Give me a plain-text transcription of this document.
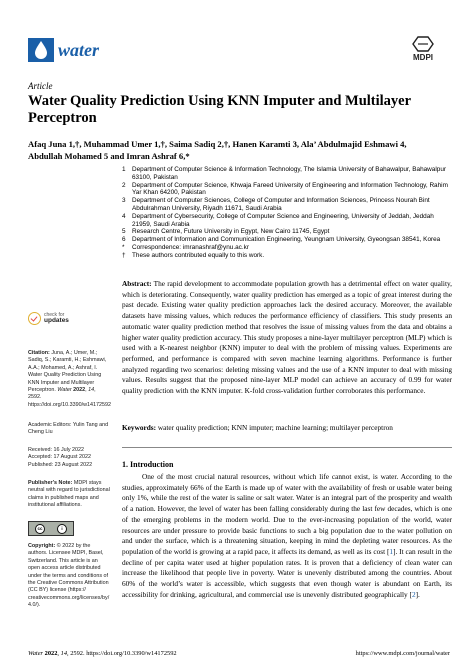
water	MDPI
Article
Water Quality Prediction Using KNN Imputer and Multilayer Perceptron
Afaq Juna 1,†, Muhammad Umer 1,†, Saima Sadiq 2,†, Hanen Karamti 3, Ala’ Abdulmajid Eshmawi 4,
Abdullah Mohamed 5 and Imran Ashraf 6,*
1	Department of Computer Science & Information Technology, The Islamia University of Bahawalpur, Bahawalpur 63100, Pakistan
2	Department of Computer Science, Khwaja Fareed University of Engineering and Information Technology, Rahim Yar Khan 64200, Pakistan
3	Department of Computer Sciences, College of Computer and Information Sciences, Princess Nourah Bint Abdulrahman University, Riyadh 11671, Saudi Arabia
4	Department of Cybersecurity, College of Computer Science and Engineering, University of Jeddah, Jeddah 21959, Saudi Arabia
5	Research Centre, Future University in Egypt, New Cairo 11745, Egypt
6	Department of Information and Communication Engineering, Yeungnam University, Gyeongsan 38541, Korea
*	Correspondence: imranashraf@ynu.ac.kr
†	These authors contributed equally to this work.
Abstract: The rapid development to accommodate population growth has a detrimental effect on water quality, which is deteriorating. Consequently, water quality prediction has emerged as a topic of great interest during the past decade. Existing water quality prediction approaches lack the desired accuracy. Moreover, the available datasets have missing values, which reduces the performance efficiency of classifiers. This study presents an automatic water quality prediction method that resolves the issue of missing values from the data and obtains a higher water quality prediction accuracy. This study proposes a nine-layer multilayer perceptron (MLP) which is used with a K-nearest neighbor (KNN) imputer to deal with the problem of missing values. Experiments are performed, and performance is compared with seven machine learning algorithms. Performance is further analyzed regarding two scenarios: deleting missing values and the use of a KNN imputer to deal with missing values. Results suggest that the proposed nine-layer MLP model can achieve an accuracy of 0.99 for water quality prediction with the KNN imputer. K-fold cross-validation further corroborates this performance.
Keywords: water quality prediction; KNN imputer; machine learning; multilayer perceptron
1. Introduction
One of the most crucial natural resources, without which life cannot exist, is water. According to the studies, approximately 66% of the Earth is made up of water with the availability of fresh or usable water being only 1%, while the rest of the water is saline or salt water. Water is an integral part of the prosperity and wealth of a nation. However, the level of water has been falling considerably during the last few decades, which is one of the emerging problems in the modern world. Due to the ever-increasing population of the world, water resources are under pressure to provide basic functions to such a big population due to the water pollution on and under the surface, which is a threatening situation, keeping in mind the depleting water resources. As the population of the world is growing at a rapid pace, it affects its demand, as well as its cost [1]. It can result in the decline of per capita water used at higher population rates. It is proven that a deficiency of clean water can increase the likelihood that people live in poverty. Water is unevenly distributed among the countries. About 60% of the world’s water is accessible, which suggests that even though water is abundant on Earth, its accessibility for drinking, agricultural, and commercial use is unevenly distributed geographically [2].
check for
updates
Citation: Juna, A.; Umer, M.; Sadiq, S.; Karamti, H.; Eshmawi, A.A.; Mohamed, A.; Ashraf, I. Water Quality Prediction Using KNN Imputer and Multilayer Perceptron. Water 2022, 14, 2592. https://doi.org/10.3390/w14172592
Academic Editors: Yulin Tang and Cheng Liu
Received: 16 July 2022
Accepted: 17 August 2022
Published: 23 August 2022
Publisher’s Note: MDPI stays neutral with regard to jurisdictional claims in published maps and institutional affiliations.
cc	i
Copyright: © 2022 by the authors. Licensee MDPI, Basel, Switzerland. This article is an open access article distributed under the terms and conditions of the Creative Commons Attribution (CC BY) license (https:// creativecommons.org/licenses/by/ 4.0/).
Water 2022, 14, 2592. https://doi.org/10.3390/w14172592	https://www.mdpi.com/journal/water
